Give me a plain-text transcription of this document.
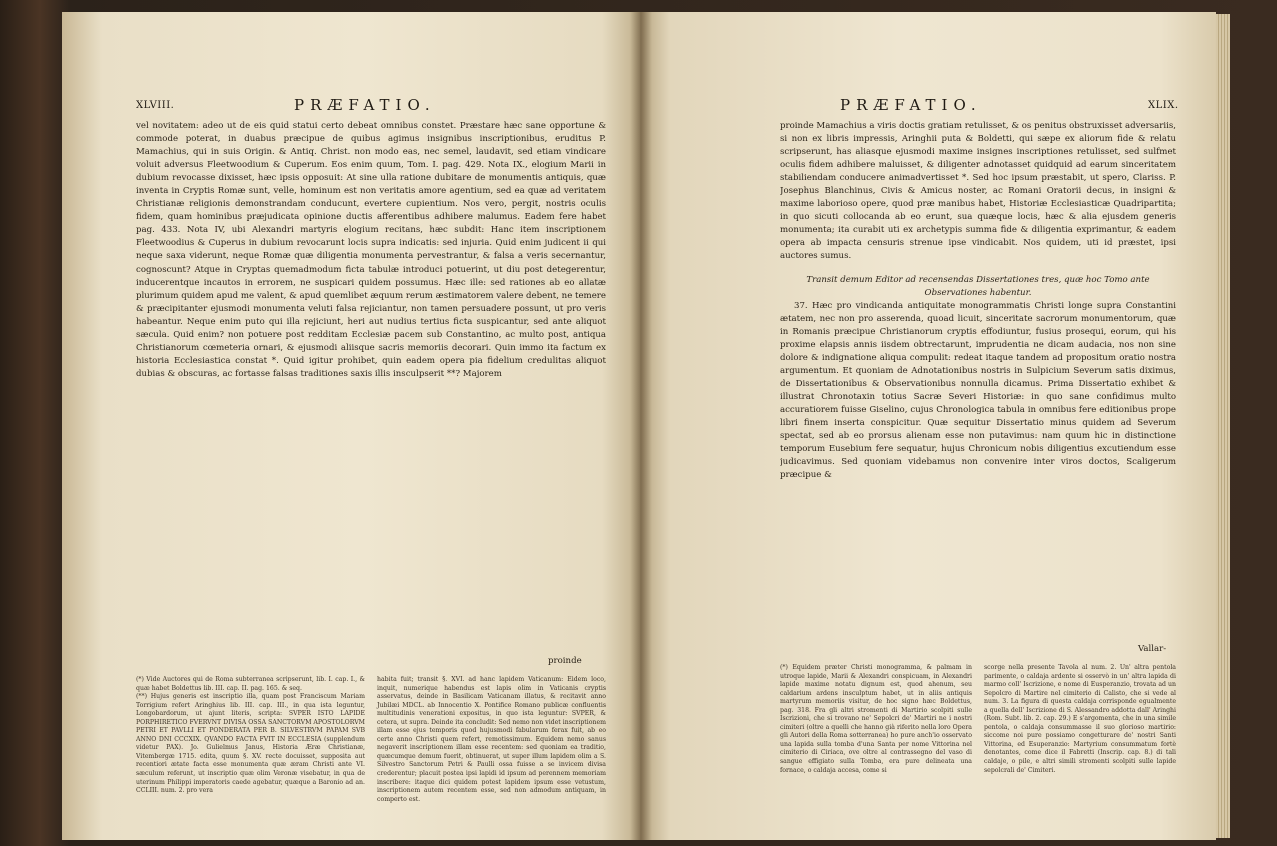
XLVIII.	PRÆFATIO.

vel novitatem: adeo ut de eis quid statui certo debeat omnibus constet. Præstare hæc sane opportune & commode poterat, in duabus præcipue de quibus agimus insignibus inscriptionibus, eruditus P. Mamachius, qui in suis Origin. & Antiq. Christ. non modo eas, nec semel, laudavit, sed etiam vindicare voluit adversus Fleetwoodium & Cuperum. Eos enim quum, Tom. I. pag. 429. Nota IX., elogium Marii in dubium revocasse dixisset, hæc ipsis opposuit: At sine ulla ratione dubitare de monumentis antiquis, quæ inventa in Cryptis Romæ sunt, velle, hominum est non veritatis amore agentium, sed ea quæ ad veritatem Christianæ religionis demonstrandam conducunt, evertere cupientium. Nos vero, pergit, nostris oculis fidem, quam hominibus præjudicata opinione ductis afferentibus adhibere malumus. Eadem fere habet pag. 433. Nota IV, ubi Alexandri martyris elogium recitans, hæc subdit: Hanc item inscriptionem Fleetwoodius & Cuperus in dubium revocarunt locis supra indicatis: sed injuria. Quid enim judicent ii qui neque saxa viderunt, neque Romæ quæ diligentia monumenta pervestrantur, & falsa a veris secernantur, cognoscunt? Atque in Cryptas quemadmodum ficta tabulæ introduci potuerint, ut diu post detegerentur, inducerentque incautos in errorem, ne suspicari quidem possumus. Hæc ille: sed rationes ab eo allatæ plurimum quidem apud me valent, & apud quemlibet æquum rerum æstimatorem valere debent, ne temere & præcipitanter ejusmodi monumenta veluti falsa rejiciantur, non tamen persuadere possunt, ut pro veris habeantur. Neque enim puto qui illa rejiciunt, heri aut nudius tertius ficta suspicantur, sed ante aliquot sæcula. Quid enim? non potuere post redditam Ecclesiæ pacem sub Constantino, ac multo post, antiqua Christianorum cœmeteria ornari, & ejusmodi aliisque sacris memoriis decorari. Quin immo ita factum ex historia Ecclesiastica constat *. Quid igitur prohibet, quin eadem opera pia fidelium credulitas aliquot dubias & obscuras, ac fortasse falsas traditiones saxis illis insculpserit **? Majorem

proinde

(*) Vide Auctores qui de Roma subterranea scripserunt, lib. I. cap. I., & quæ habet Boldettus lib. III. cap. II. pag. 165. & seq.

(**) Hujus generis est inscriptio illa, quam post Franciscum Mariam Torrigium refert Aringhius lib. III. cap. III., in qua ista leguntur, Longobardorum, ut ajunt literis, scripta: SVPER ISTO LAPIDE PORPHIRETICO FVERVNT DIVISA OSSA SANCTORVM APOSTOLORVM PETRI ET PAVLLI ET PONDERATA PER B. SILVESTRVM PAPAM SVB ANNO DNI CCCXIX. QVANDO FACTA FVIT IN ECCLESIA (supplendum videtur PAX). Jo. Gulielmus Janus, Historia Æræ Christianæ, Vitembergæ 1715. edita, quum §. XV. recte docuisset, supposita aut recentiori ætate facta esse monumenta quæ æram Christi ante VI. sæculum referunt, ut inscriptio quæ olim Veronæ visebatur, in qua de uterinum Philippi imperatoris caede agebatur, quæque a Baronio ad an. CCLIII. num. 2. pro vera

habita fuit; transit §. XVI. ad hanc lapidem Vaticanum: Eidem loco, inquit, numerique habendus est lapis olim in Vaticanis cryptis asservatus, deinde in Basilicam Vaticanam illatus, & recitavit anno Jubilæi MDCL. ab Innocentio X. Pontifice Romano publicæ confluentis multitudinis venerationi expositus, in quo ista leguntur: SVPER, & cetera, ut supra. Deinde ita concludit: Sed nemo non videt inscriptionem illam esse ejus temporis quod hujusmodi fabularum ferax fuit, ab eo certe anno Christi quem refert, remotissimum. Equidem nemo sanus negaverit inscriptionem illam esse recentem: sed quoniam ea traditio, quæcumque demum fuerit, obtinuerat, ut super illum lapidem olim a S. Silvestro Sanctorum Petri & Paulli ossa fuisse a se invicem divisa crederentur; placuit postea ipsi lapidi id ipsum ad perennem memoriam inscribere: itaque dici quidem potest lapidem ipsum esse vetustum, inscriptionem autem recentem esse, sed non admodum antiquam, in comperto est.

PRÆFATIO.	XLIX.

proinde Mamachius a viris doctis gratiam retulisset, & os penitus obstruxisset adversariis, si non ex libris impressis, Aringhii puta & Boldetti, qui sæpe ex aliorum fide & relatu scripserunt, has aliasque ejusmodi maxime insignes inscriptiones retulisset, sed sulfmet oculis fidem adhibere maluisset, & diligenter adnotasset quidquid ad earum sinceritatem stabiliendam conducere animadvertisset *. Sed hoc ipsum præstabit, ut spero, Clariss. P. Josephus Blanchinus, Civis & Amicus noster, ac Romani Oratorii decus, in insigni & maxime laborioso opere, quod præ manibus habet, Historiæ Ecclesiasticæ Quadripartita; in quo sicuti collocanda ab eo erunt, sua quæque locis, hæc & alia ejusdem generis monumenta; ita curabit uti ex archetypis summa fide & diligentia exprimantur, & eadem opera ab impacta censuris strenue ipse vindicabit. Nos quidem, uti id præstet, ipsi auctores sumus.

Transit demum Editor ad recensendas Dissertationes tres, quæ hoc Tomo ante Observationes habentur.

37. Hæc pro vindicanda antiquitate monogrammatis Christi longe supra Constantini ætatem, nec non pro asserenda, quoad licuit, sinceritate sacrorum monumentorum, quæ in Romanis præcipue Christianorum cryptis effodiuntur, fusius prosequi, eorum, qui his proxime elapsis annis iisdem obtrectarunt, imprudentia ne dicam audacia, nos non sine dolore & indignatione aliqua compulit: redeat itaque tandem ad propositum oratio nostra argumentum. Et quoniam de Adnotationibus nostris in Sulpicium Severum satis diximus, de Dissertationibus & Observationibus nonnulla dicamus. Prima Dissertatio exhibet & illustrat Chronotaxin totius Sacræ Severi Historiæ: in quo sane confidimus multo accuratiorem fuisse Giselino, cujus Chronologica tabula in omnibus fere editionibus prope libri finem inserta conspicitur. Quæ sequitur Dissertatio minus quidem ad Severum spectat, sed ab eo prorsus alienam esse non putavimus: nam quum hic in distinctione temporum Eusebium fere sequatur, hujus Chronicum nobis diligentius excutiendum esse judicavimus. Sed quoniam videbamus non convenire inter viros doctos, Scaligerum præcipue &

Vallar-

(*) Equidem præter Christi monogramma, & palmam in utroque lapide, Marii & Alexandri conspicuam, in Alexandri lapide maxime notatu dignum est, quod ahenum, seu caldarium ardens insculptum habet, ut in aliis antiquis martyrum memoriis visitur, de hoc signo hæc Boldettus, pag. 318. Fra gli altri stromenti di Martirio scolpiti sulle Iscrizioni, che si trovano ne' Sepolcri de' Martiri ne i nostri cimiteri (oltre a quelli che hanno già riferito nella loro Opera gli Autori della Roma sotterranea) ho pure anch'io osservato una lapida sulla tomba d'una Santa per nome Vittorina nel cimiterio di Ciriaca, ove oltre al contrassegno del vaso di sangue effigiato sulla Tomba, era pure delineata una fornace, o caldaja accesa, come si

scorge nella presente Tavola al num. 2. Un' altra pentola parimente, o caldaja ardente si osservò in un' altra lapida di marmo coll' Iscrizione, e nome di Eusperanzio, trovata ad un Sepolcro di Martire nel cimiterio di Calisto, che si vede al num. 3. La figura di questa caldaja corrisponde egualmente a quella dell' Iscrizione di S. Alessandro addotta dall' Aringhi (Rom. Subt. lib. 2. cap. 29.) E s'argomenta, che in una simile pentola, o caldaja consummasse il suo glorioso martirio: siccome noi pure possiamo congetturare de' nostri Santi Vittorina, ed Esuperanzio: Martyrium consummatum fortè denotantes, come dice il Fabretti (Inscrip. cap. 8.) di tali caldaje, o pile, e altri simili stromenti scolpiti sulle lapide sepolcrali de' Cimiteri.
